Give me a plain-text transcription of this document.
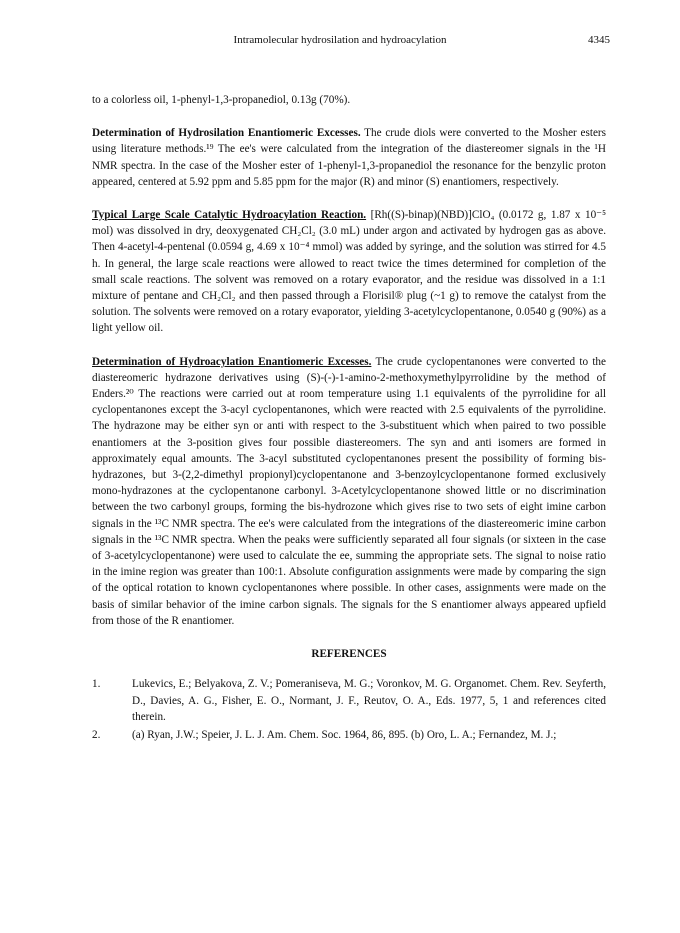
Intramolecular hydrosilation and hydroacylation	4345

to a colorless oil, 1-phenyl-1,3-propanediol, 0.13g (70%).

Determination of Hydrosilation Enantiomeric Excesses. The crude diols were converted to the Mosher esters using literature methods.¹⁹ The ee's were calculated from the integration of the diastereomer signals in the ¹H NMR spectra. In the case of the Mosher ester of 1-phenyl-1,3-propanediol the resonance for the benzylic proton appeared, centered at 5.92 ppm and 5.85 ppm for the major (R) and minor (S) enantiomers, respectively.

Typical Large Scale Catalytic Hydroacylation Reaction. [Rh((S)-binap)(NBD)]ClO₄ (0.0172 g, 1.87 x 10⁻⁵ mol) was dissolved in dry, deoxygenated CH₂Cl₂ (3.0 mL) under argon and activated by hydrogen gas as above. Then 4-acetyl-4-pentenal (0.0594 g, 4.69 x 10⁻⁴ mmol) was added by syringe, and the solution was stirred for 4.5 h. In general, the large scale reactions were allowed to react twice the times determined for completion of the small scale reactions. The solvent was removed on a rotary evaporator, and the residue was dissolved in a 1:1 mixture of pentane and CH₂Cl₂ and then passed through a Florisil® plug (~1 g) to remove the catalyst from the solution. The solvents were removed on a rotary evaporator, yielding 3-acetylcyclopentanone, 0.0540 g (90%) as a light yellow oil.

Determination of Hydroacylation Enantiomeric Excesses. The crude cyclopentanones were converted to the diastereomeric hydrazone derivatives using (S)-(-)-1-amino-2-methoxymethylpyrrolidine by the method of Enders.²⁰ The reactions were carried out at room temperature using 1.1 equivalents of the pyrrolidine for all cyclopentanones except the 3-acyl cyclopentanones, which were reacted with 2.5 equivalents of the pyrrolidine. The hydrazone may be either syn or anti with respect to the 3-substituent which when paired to two possible enantiomers at the 3-position gives four possible diastereomers. The syn and anti isomers are formed in approximately equal amounts. The 3-acyl substituted cyclopentanones present the possibility of forming bis-hydrazones, but 3-(2,2-dimethyl propionyl)cyclopentanone and 3-benzoylcyclopentanone formed exclusively mono-hydrazones at the cyclopentanone carbonyl. 3-Acetylcyclopentanone showed little or no discrimination between the two carbonyl groups, forming the bis-hydrozone which gives rise to two sets of eight imine carbon signals in the ¹³C NMR spectra. The ee's were calculated from the integrations of the diastereomeric imine carbon signals in the ¹³C NMR spectra. When the peaks were sufficiently separated all four signals (or sixteen in the case of 3-acetylcyclopentanone) were used to calculate the ee, summing the appropriate sets. The signal to noise ratio in the imine region was greater than 100:1. Absolute configuration assignments were made by comparing the sign of the optical rotation to known cyclopentanones where possible. In other cases, assignments were made on the basis of similar behavior of the imine carbon signals. The signals for the S enantiomer always appeared upfield from those of the R enantiomer.

REFERENCES
1.	Lukevics, E.; Belyakova, Z. V.; Pomeraniseva, M. G.; Voronkov, M. G. Organomet. Chem. Rev. Seyferth, D., Davies, A. G., Fisher, E. O., Normant, J. F., Reutov, O. A., Eds. 1977, 5, 1 and references cited therein.
2.	(a) Ryan, J.W.; Speier, J. L. J. Am. Chem. Soc. 1964, 86, 895. (b) Oro, L. A.; Fernandez, M. J.;
